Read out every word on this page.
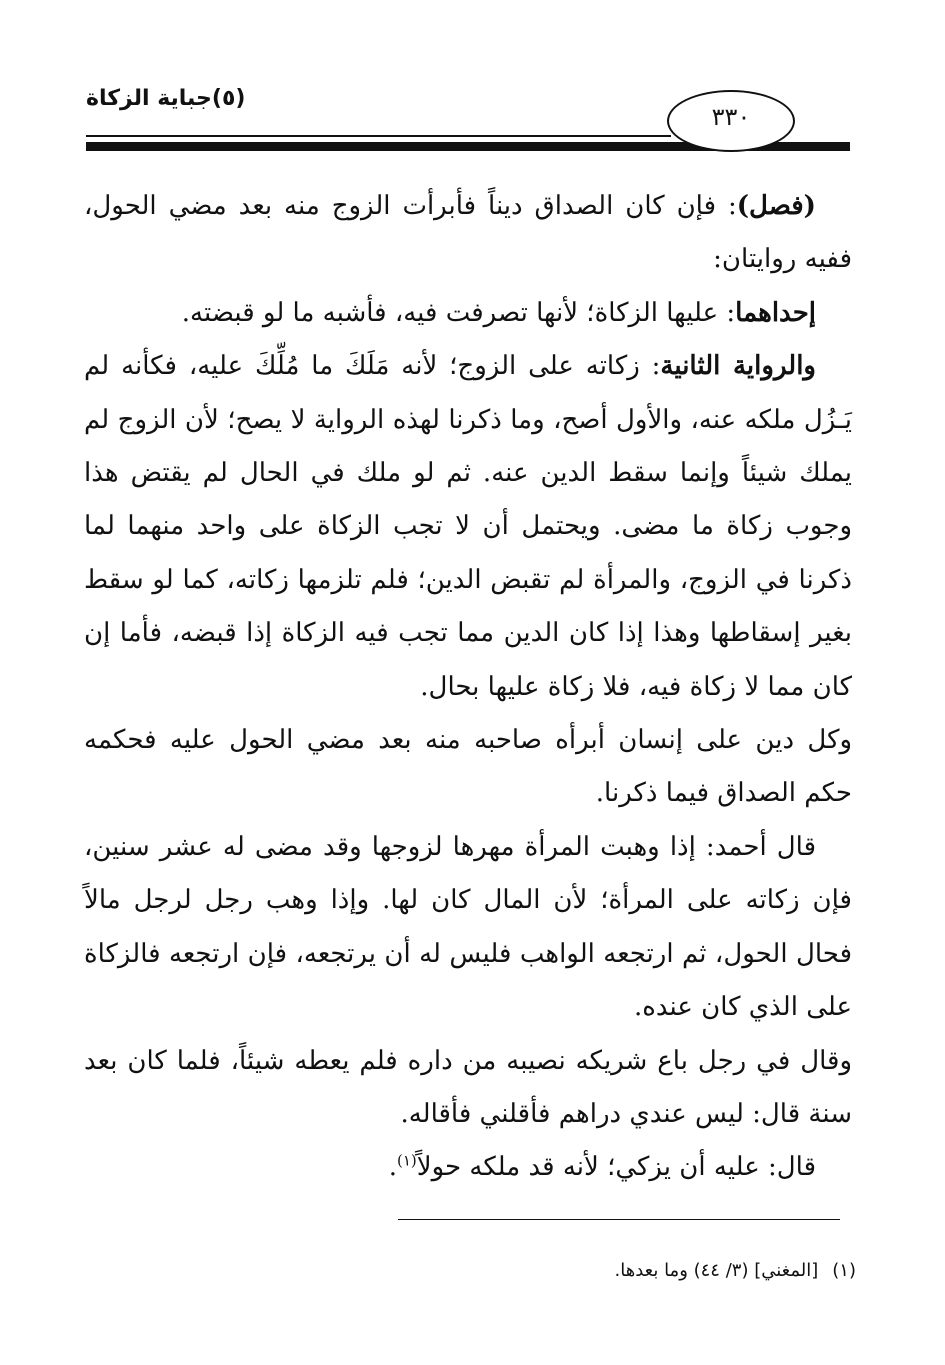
(٥)جباية الزكاة
٣٣٠

(فصل): فإن كان الصداق ديناً فأبرأت الزوج منه بعد مضي الحول، ففيه روايتان:

إحداهما: عليها الزكاة؛ لأنها تصرفت فيه، فأشبه ما لو قبضته.

والرواية الثانية: زكاته على الزوج؛ لأنه مَلَكَ ما مُلِّكَ عليه، فكأنه لم يَـزُل ملكه عنه، والأول أصح، وما ذكرنا لهذه الرواية لا يصح؛ لأن الزوج لم يملك شيئاً وإنما سقط الدين عنه. ثم لو ملك في الحال لم يقتض هذا وجوب زكاة ما مضى. ويحتمل أن لا تجب الزكاة على واحد منهما لما ذكرنا في الزوج، والمرأة لم تقبض الدين؛ فلم تلزمها زكاته، كما لو سقط بغير إسقاطها وهذا إذا كان الدين مما تجب فيه الزكاة إذا قبضه، فأما إن كان مما لا زكاة فيه، فلا زكاة عليها بحال.

وكل دين على إنسان أبرأه صاحبه منه بعد مضي الحول عليه فحكمه حكم الصداق فيما ذكرنا.

قال أحمد: إذا وهبت المرأة مهرها لزوجها وقد مضى له عشر سنين، فإن زكاته على المرأة؛ لأن المال كان لها. وإذا وهب رجل لرجل مالاً فحال الحول، ثم ارتجعه الواهب فليس له أن يرتجعه، فإن ارتجعه فالزكاة على الذي كان عنده.

وقال في رجل باع شريكه نصيبه من داره فلم يعطه شيئاً، فلما كان بعد سنة قال: ليس عندي دراهم فأقلني فأقاله.

قال: عليه أن يزكي؛ لأنه قد ملكه حولاً$^{(١)}$.

(١)[المغني] (٣/ ٤٤) وما بعدها.
